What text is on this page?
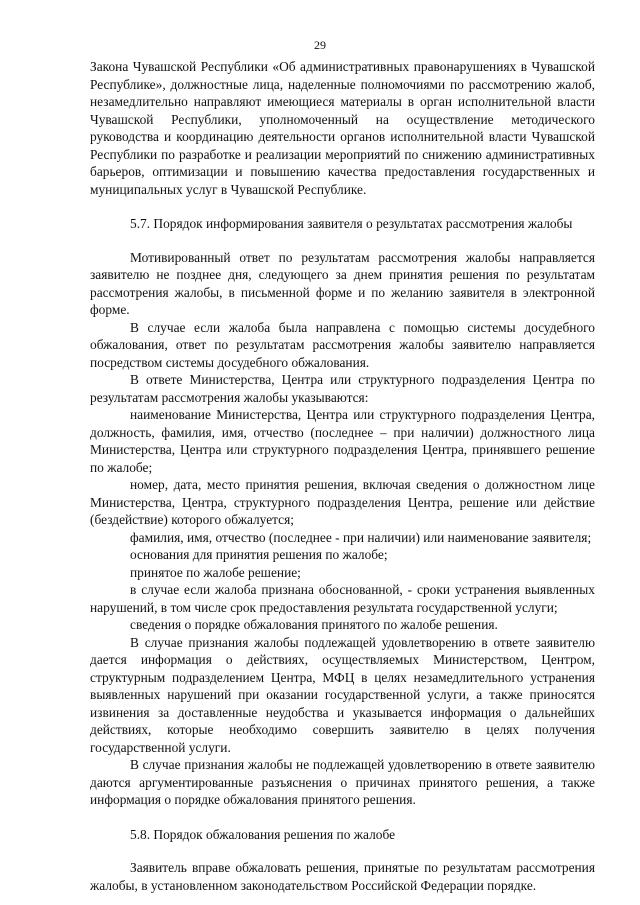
29

Закона Чувашской Республики «Об административных правонарушениях в Чувашской Республике», должностные лица, наделенные полномочиями по рассмотрению жалоб, незамедлительно направляют имеющиеся материалы в орган исполнительной власти Чувашской Республики, уполномоченный на осуществление методического руководства и координацию деятельности органов исполнительной власти Чувашской Республики по разработке и реализации мероприятий по снижению административных барьеров, оптимизации и повышению качества предоставления государственных и муниципальных услуг в Чувашской Республике.

5.7. Порядок информирования заявителя о результатах рассмотрения жалобы

Мотивированный ответ по результатам рассмотрения жалобы направляется заявителю не позднее дня, следующего за днем принятия решения по результатам рассмотрения жалобы, в письменной форме и по желанию заявителя в электронной форме.

В случае если жалоба была направлена с помощью системы досудебного обжалования, ответ по результатам рассмотрения жалобы заявителю направляется посредством системы досудебного обжалования.

В ответе Министерства, Центра или структурного подразделения Центра по результатам рассмотрения жалобы указываются:

наименование Министерства, Центра или структурного подразделения Центра, должность, фамилия, имя, отчество (последнее – при наличии) должностного лица Министерства, Центра или структурного подразделения Центра, принявшего решение по жалобе;

номер, дата, место принятия решения, включая сведения о должностном лице Министерства, Центра, структурного подразделения Центра, решение или действие (бездействие) которого обжалуется;

фамилия, имя, отчество (последнее - при наличии) или наименование заявителя;

основания для принятия решения по жалобе;

принятое по жалобе решение;

в случае если жалоба признана обоснованной, - сроки устранения выявленных нарушений, в том числе срок предоставления результата государственной услуги;

сведения о порядке обжалования принятого по жалобе решения.

В случае признания жалобы подлежащей удовлетворению в ответе заявителю дается информация о действиях, осуществляемых Министерством, Центром, структурным подразделением Центра, МФЦ в целях незамедлительного устранения выявленных нарушений при оказании государственной услуги, а также приносятся извинения за доставленные неудобства и указывается информация о дальнейших действиях, которые необходимо совершить заявителю в целях получения государственной услуги.

В случае признания жалобы не подлежащей удовлетворению в ответе заявителю даются аргументированные разъяснения о причинах принятого решения, а также информация о порядке обжалования принятого решения.

5.8. Порядок обжалования решения по жалобе

Заявитель вправе обжаловать решения, принятые по результатам рассмотрения жалобы, в установленном законодательством Российской Федерации порядке.
